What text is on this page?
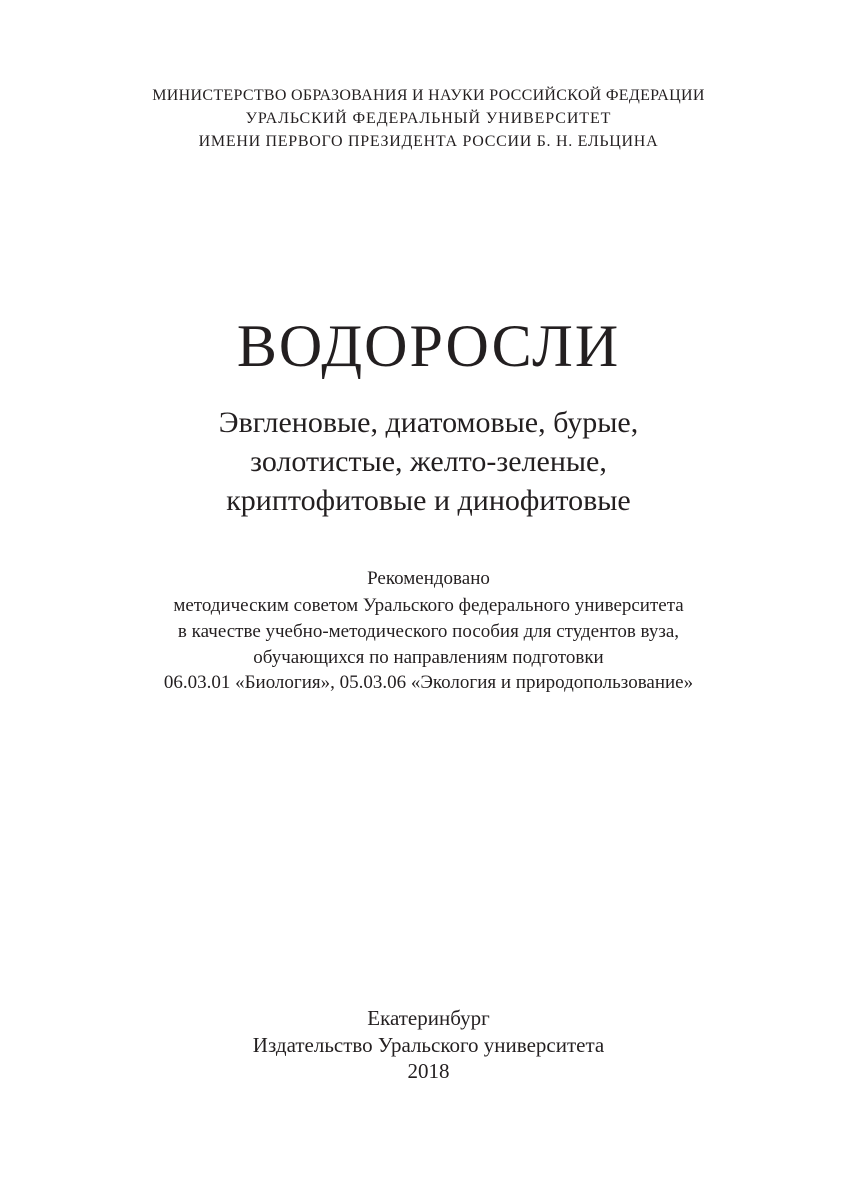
МИНИСТЕРСТВО ОБРАЗОВАНИЯ И НАУКИ РОССИЙСКОЙ ФЕДЕРАЦИИ
УРАЛЬСКИЙ ФЕДЕРАЛЬНЫЙ УНИВЕРСИТЕТ
ИМЕНИ ПЕРВОГО ПРЕЗИДЕНТА РОССИИ Б. Н. ЕЛЬЦИНА
ВОДОРОСЛИ
Эвгленовые, диатомовые, бурые,
золотистые, желто-зеленые,
криптофитовые и динофитовые
Рекомендовано
методическим советом Уральского федерального университета
в качестве учебно-методического пособия для студентов вуза,
обучающихся по направлениям подготовки
06.03.01 «Биология», 05.03.06 «Экология и природопользование»
Екатеринбург
Издательство Уральского университета
2018
